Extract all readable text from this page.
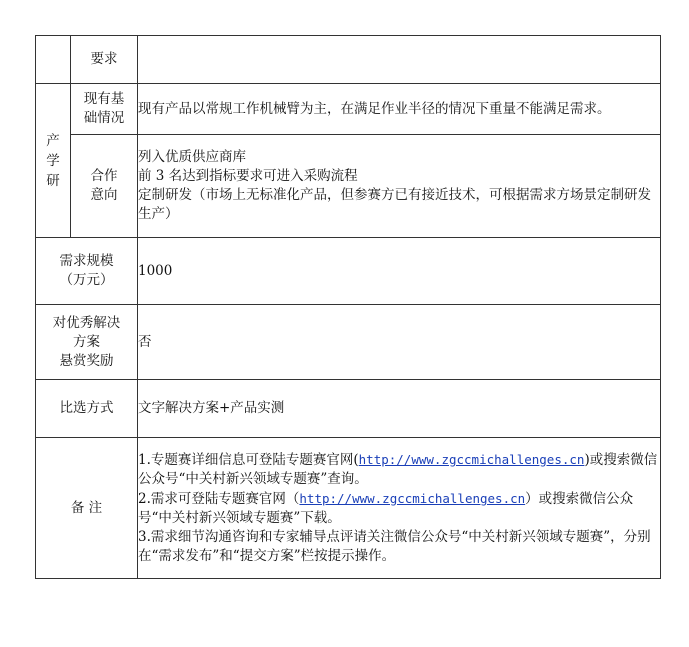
	要求	

产
学
研	现有基
础情况	现有产品以常规工作机械臂为主，在满足作业半径的情况下重量不能满足需求。

	合作
意向	列入优质供应商库
前 3 名达到指标要求可进入采购流程
定制研发（市场上无标准化产品，但参赛方已有接近技术，可根据需求方场景定制研发生产）

需求规模
（万元）		1000

对优秀解决
方案
悬赏奖励		否
比选方式		文字解决方案+产品实测
备 注		1.专题赛详细信息可登陆专题赛官网(http://www.zgccmichallenges.cn)或搜索微信公众号“中关村新兴领域专题赛”查询。
2.需求可登陆专题赛官网（http://www.zgccmichallenges.cn）或搜索微信公众号“中关村新兴领域专题赛”下载。
3.需求细节沟通咨询和专家辅导点评请关注微信公众号“中关村新兴领域专题赛”，分别在“需求发布”和“提交方案”栏按提示操作。
